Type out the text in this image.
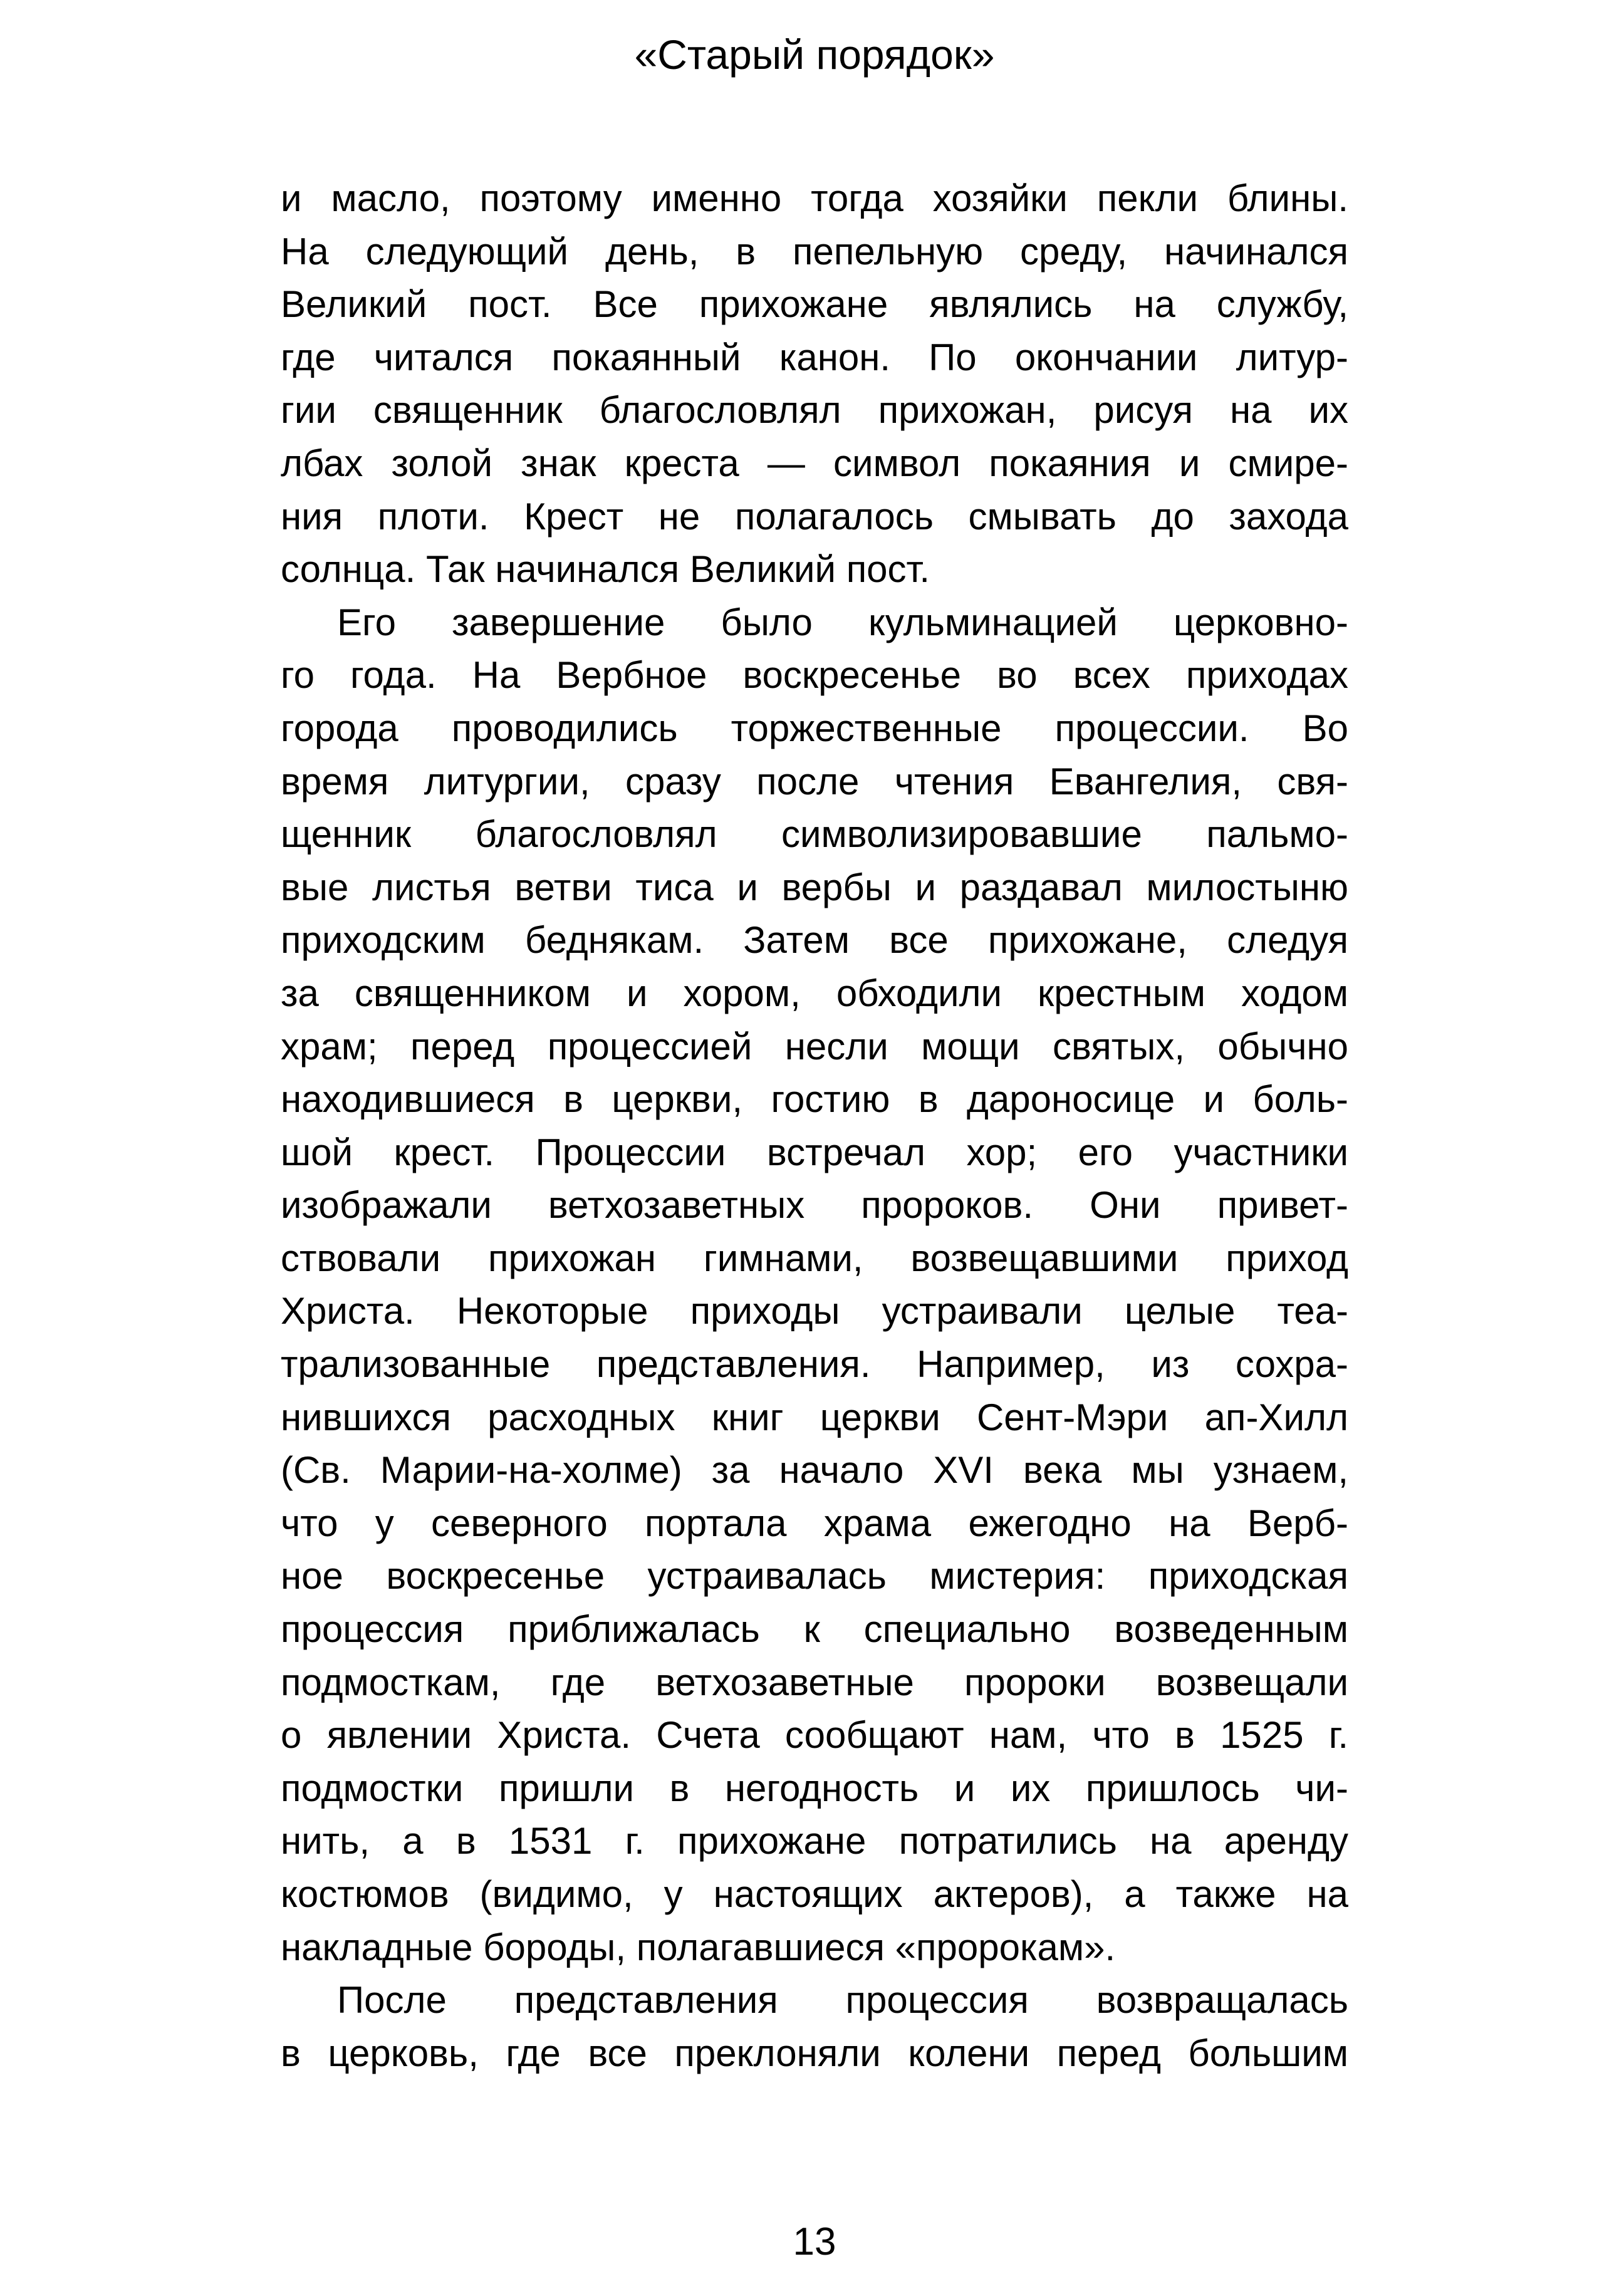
«Старый порядок»
и масло, поэтому именно тогда хозяйки пекли блины.
На следующий день, в пепельную среду, начинался
Великий пост. Все прихожане являлись на службу,
где читался покаянный канон. По окончании литур-
гии священник благословлял прихожан, рисуя на их
лбах золой знак креста — символ покаяния и смире-
ния плоти. Крест не полагалось смывать до захода
солнца. Так начинался Великий пост.
Его завершение было кульминацией церковно-
го года. На Вербное воскресенье во всех приходах
города проводились торжественные процессии. Во
время литургии, сразу после чтения Евангелия, свя-
щенник благословлял символизировавшие пальмо-
вые листья ветви тиса и вербы и раздавал милостыню
приходским беднякам. Затем все прихожане, следуя
за священником и хором, обходили крестным ходом
храм; перед процессией несли мощи святых, обычно
находившиеся в церкви, гостию в дароносице и боль-
шой крест. Процессии встречал хор; его участники
изображали ветхозаветных пророков. Они привет-
ствовали прихожан гимнами, возвещавшими приход
Христа. Некоторые приходы устраивали целые теа-
трализованные представления. Например, из сохра-
нившихся расходных книг церкви Сент-Мэри ап-Хилл
(Св. Марии-на-холме) за начало XVI века мы узнаем,
что у северного портала храма ежегодно на Верб-
ное воскресенье устраивалась мистерия: приходская
процессия приближалась к специально возведенным
подмосткам, где ветхозаветные пророки возвещали
о явлении Христа. Счета сообщают нам, что в 1525 г.
подмостки пришли в негодность и их пришлось чи-
нить, а в 1531 г. прихожане потратились на аренду
костюмов (видимо, у настоящих актеров), а также на
накладные бороды, полагавшиеся «пророкам».
После представления процессия возвращалась
в церковь, где все преклоняли колени перед большим
13
